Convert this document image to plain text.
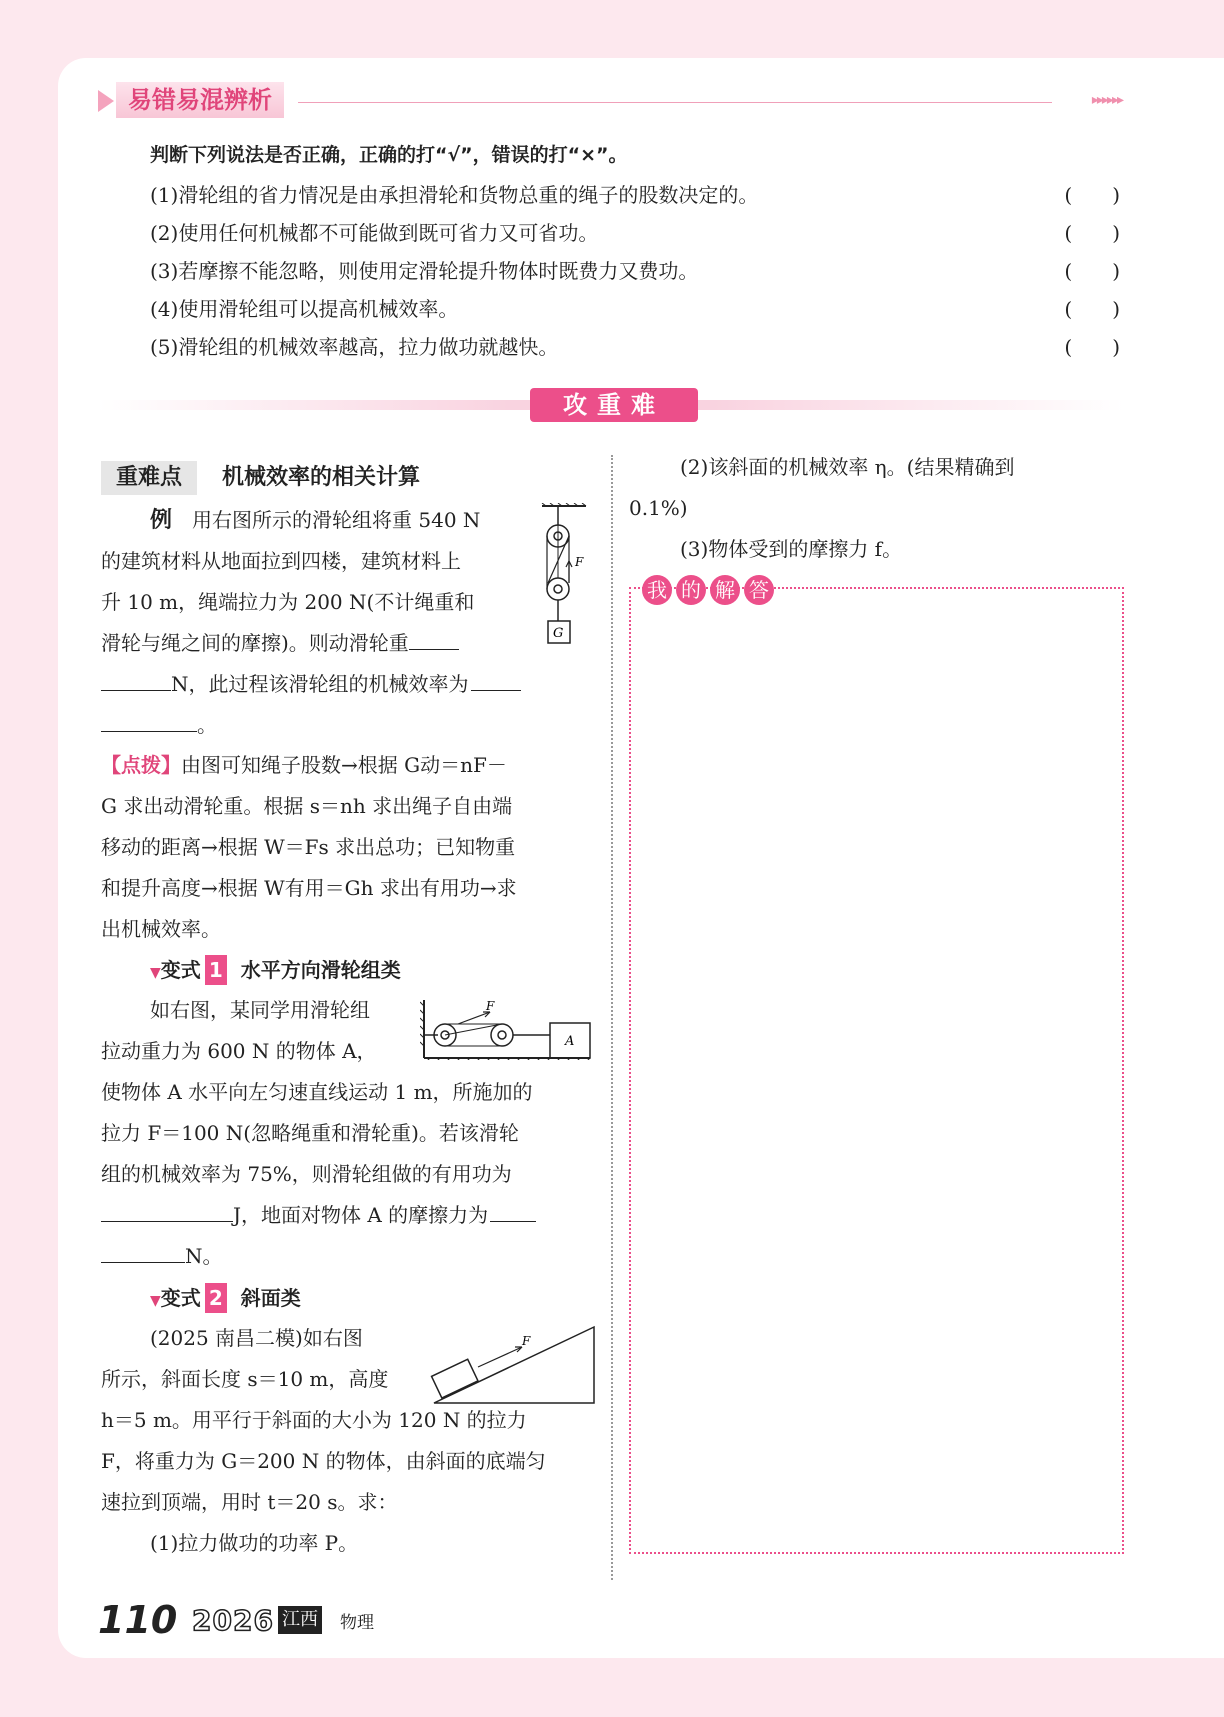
易错易混辨析	▸▸▸▸▸▸
判断下列说法是否正确，正确的打“√”，错误的打“×”。
(1)滑轮组的省力情况是由承担滑轮和货物总重的绳子的股数决定的。	(　　)
(2)使用任何机械都不可能做到既可省力又可省功。	(　　)
(3)若摩擦不能忽略，则使用定滑轮提升物体时既费力又费功。	(　　)
(4)使用滑轮组可以提高机械效率。	(　　)
(5)滑轮组的机械效率越高，拉力做功就越快。	(　　)
攻重难
重难点	机械效率的相关计算
例 用右图所示的滑轮组将重 540 N
的建筑材料从地面拉到四楼，建筑材料上
升 10 m，绳端拉力为 200 N(不计绳重和
滑轮与绳之间的摩擦)。则动滑轮重
N，此过程该滑轮组的机械效率为
。
F
G
【点拨】由图可知绳子股数→根据 G动＝nF－
G 求出动滑轮重。根据 s＝nh 求出绳子自由端
移动的距离→根据 W＝Fs 求出总功；已知物重
和提升高度→根据 W有用＝Gh 求出有用功→求
出机械效率。
▼变式 1 水平方向滑轮组类
如右图，某同学用滑轮组
拉动重力为 600 N 的物体 A，
F
A
使物体 A 水平向左匀速直线运动 1 m，所施加的
拉力 F＝100 N(忽略绳重和滑轮重)。若该滑轮
组的机械效率为 75%，则滑轮组做的有用功为
J，地面对物体 A 的摩擦力为
N。
▼变式 2 斜面类
(2025 南昌二模)如右图
所示，斜面长度 s＝10 m，高度
F
h＝5 m。用平行于斜面的大小为 120 N 的拉力
F，将重力为 G＝200 N 的物体，由斜面的底端匀
速拉到顶端，用时 t＝20 s。求：
(1)拉力做功的功率 P。
(2)该斜面的机械效率 η。(结果精确到
0.1%)
(3)物体受到的摩擦力 f。
我 的 解 答
110 2026 江西 物理
